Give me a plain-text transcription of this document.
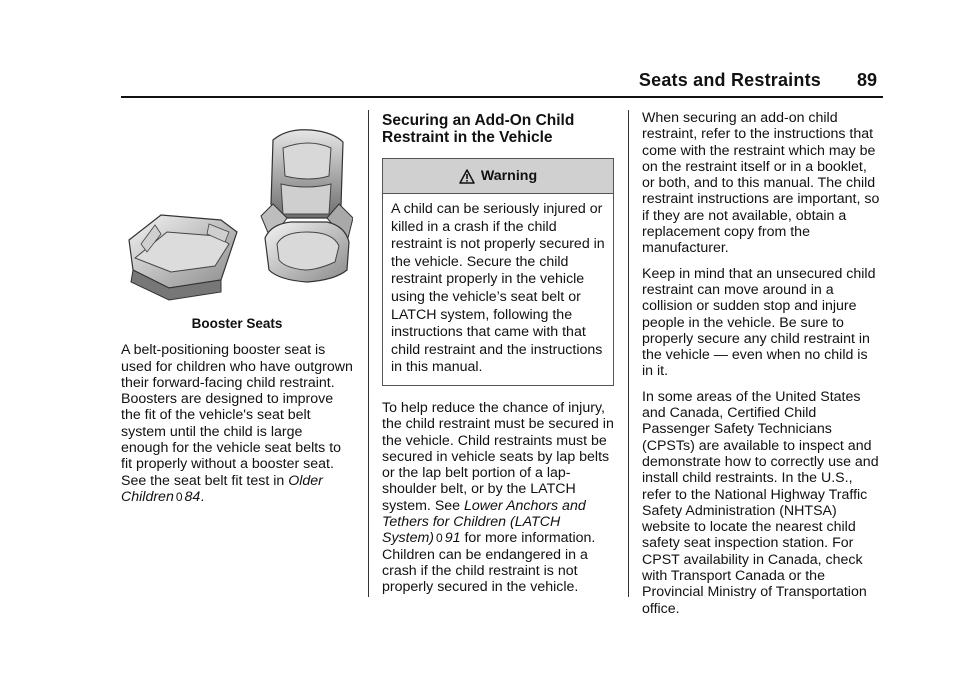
Seats and Restraints 89
Booster Seats

A belt-positioning booster seat is used for children who have outgrown their forward-facing child restraint. Boosters are designed to improve the fit of the vehicle's seat belt system until the child is large enough for the vehicle seat belts to fit properly without a booster seat. See the seat belt fit test in Older Children 0 84.

Securing an Add-On Child Restraint in the Vehicle
Warning
A child can be seriously injured or killed in a crash if the child restraint is not properly secured in the vehicle. Secure the child restraint properly in the vehicle using the vehicle’s seat belt or LATCH system, following the instructions that came with that child restraint and the instructions in this manual.

To help reduce the chance of injury, the child restraint must be secured in the vehicle. Child restraints must be secured in vehicle seats by lap belts or the lap belt portion of a lap-shoulder belt, or by the LATCH system. See Lower Anchors and Tethers for Children (LATCH System) 0 91 for more information. Children can be endangered in a crash if the child restraint is not properly secured in the vehicle.

When securing an add-on child restraint, refer to the instructions that come with the restraint which may be on the restraint itself or in a booklet, or both, and to this manual. The child restraint instructions are important, so if they are not available, obtain a replacement copy from the manufacturer.

Keep in mind that an unsecured child restraint can move around in a collision or sudden stop and injure people in the vehicle. Be sure to properly secure any child restraint in the vehicle — even when no child is in it.

In some areas of the United States and Canada, Certified Child Passenger Safety Technicians (CPSTs) are available to inspect and demonstrate how to correctly use and install child restraints. In the U.S., refer to the National Highway Traffic Safety Administration (NHTSA) website to locate the nearest child safety seat inspection station. For CPST availability in Canada, check with Transport Canada or the Provincial Ministry of Transportation office.
